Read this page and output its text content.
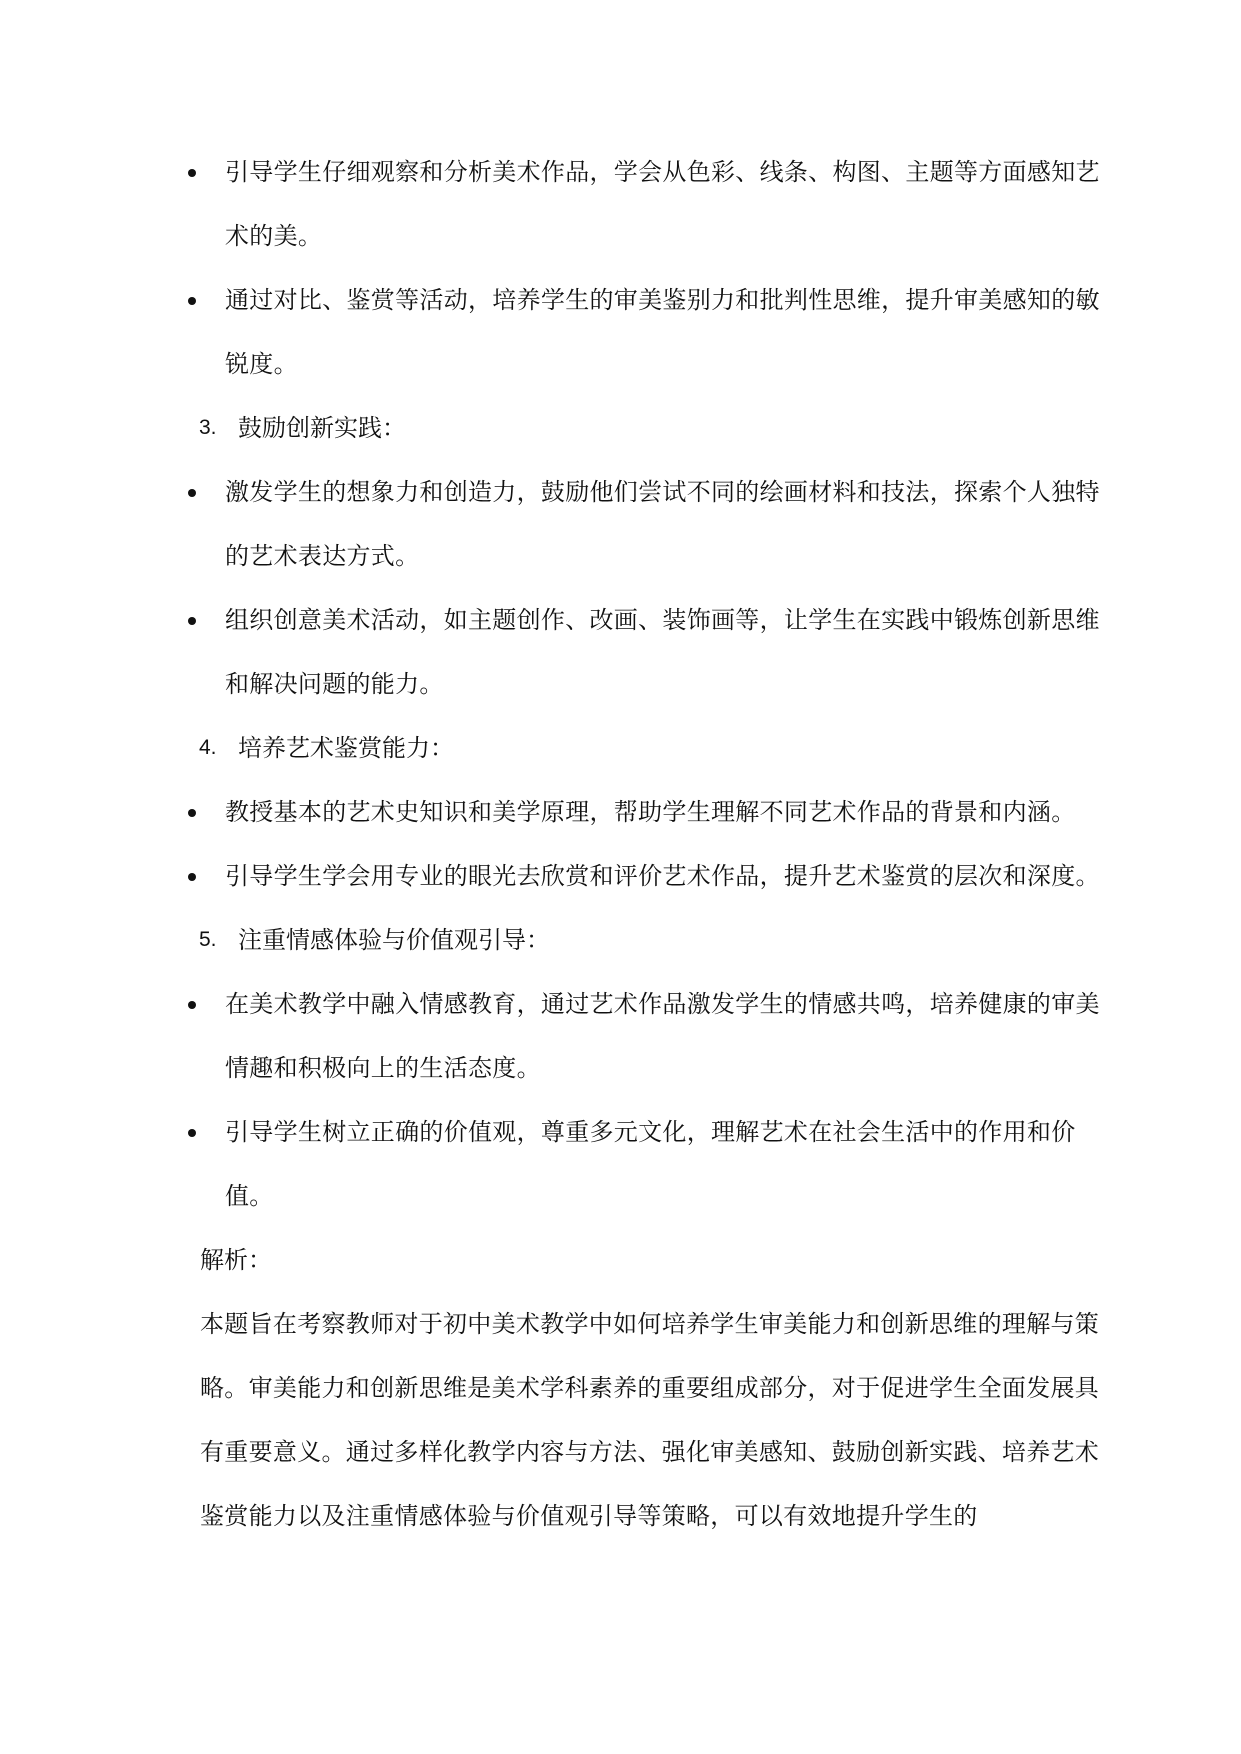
引导学生仔细观察和分析美术作品，学会从色彩、线条、构图、主题等方面感知艺术的美。
通过对比、鉴赏等活动，培养学生的审美鉴别力和批判性思维，提升审美感知的敏锐度。
3. 鼓励创新实践：
激发学生的想象力和创造力，鼓励他们尝试不同的绘画材料和技法，探索个人独特的艺术表达方式。
组织创意美术活动，如主题创作、改画、装饰画等，让学生在实践中锻炼创新思维和解决问题的能力。
4. 培养艺术鉴赏能力：
教授基本的艺术史知识和美学原理，帮助学生理解不同艺术作品的背景和内涵。
引导学生学会用专业的眼光去欣赏和评价艺术作品，提升艺术鉴赏的层次和深度。
5. 注重情感体验与价值观引导：
在美术教学中融入情感教育，通过艺术作品激发学生的情感共鸣，培养健康的审美情趣和积极向上的生活态度。
引导学生树立正确的价值观，尊重多元文化，理解艺术在社会生活中的作用和价值。
解析：
本题旨在考察教师对于初中美术教学中如何培养学生审美能力和创新思维的理解与策略。审美能力和创新思维是美术学科素养的重要组成部分，对于促进学生全面发展具有重要意义。通过多样化教学内容与方法、强化审美感知、鼓励创新实践、培养艺术鉴赏能力以及注重情感体验与价值观引导等策略，可以有效地提升学生的
